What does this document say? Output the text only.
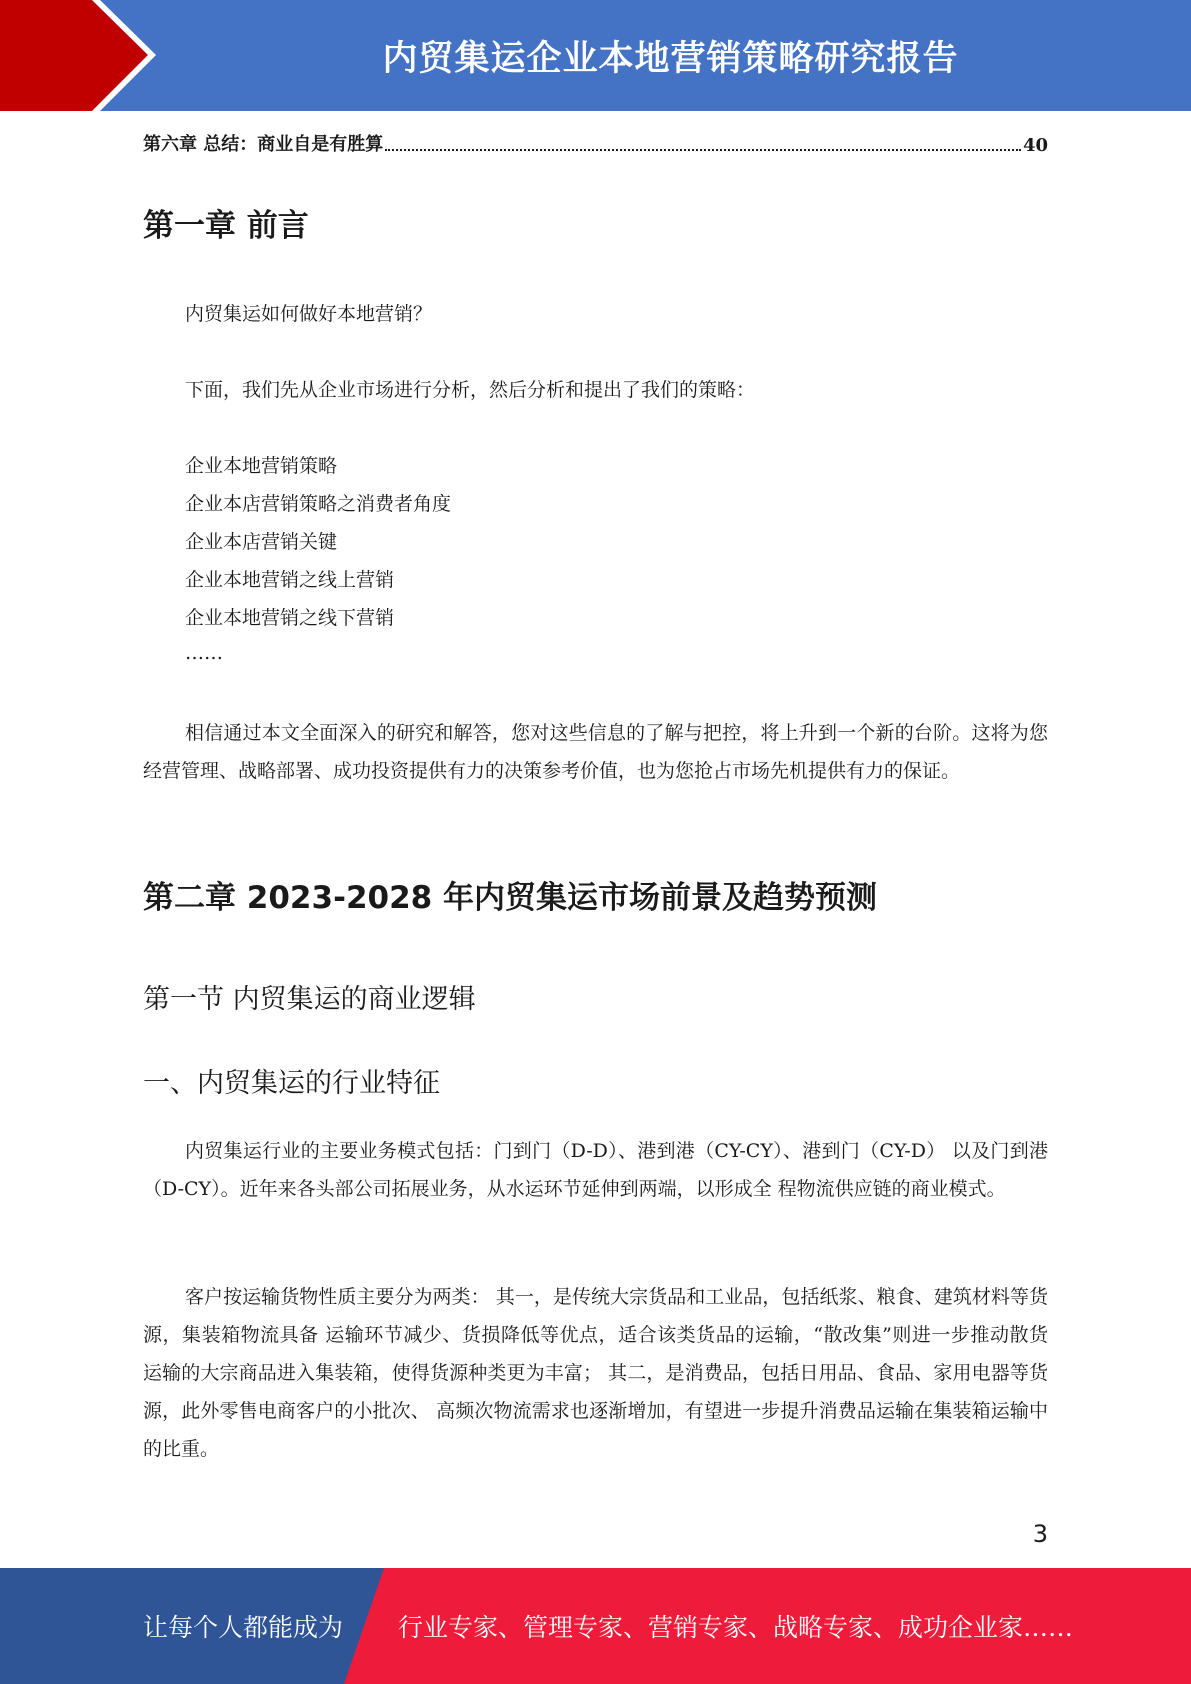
内贸集运企业本地营销策略研究报告
第六章 总结：商业自是有胜算	40
第一章 前言

内贸集运如何做好本地营销？

下面，我们先从企业市场进行分析，然后分析和提出了我们的策略：

企业本地营销策略

企业本店营销策略之消费者角度

企业本店营销关键

企业本地营销之线上营销

企业本地营销之线下营销

……

相信通过本文全面深入的研究和解答，您对这些信息的了解与把控，将上升到一个新的台阶。这将为您经营管理、战略部署、成功投资提供有力的决策参考价值，也为您抢占市场先机提供有力的保证。

第二章 2023-2028 年内贸集运市场前景及趋势预测
第一节 内贸集运的商业逻辑
一、内贸集运的行业特征

内贸集运行业的主要业务模式包括：门到门（D-D）、港到港（CY-CY）、港到门（CY-D） 以及门到港（D-CY）。近年来各头部公司拓展业务，从水运环节延伸到两端，以形成全 程物流供应链的商业模式。

客户按运输货物性质主要分为两类： 其一，是传统大宗货品和工业品，包括纸浆、粮食、建筑材料等货源，集装箱物流具备 运输环节减少、货损降低等优点，适合该类货品的运输，“散改集”则进一步推动散货 运输的大宗商品进入集装箱，使得货源种类更为丰富； 其二，是消费品，包括日用品、食品、家用电器等货源，此外零售电商客户的小批次、 高频次物流需求也逐渐增加，有望进一步提升消费品运输在集装箱运输中的比重。

3
让每个人都能成为 行业专家、管理专家、营销专家、战略专家、成功企业家……
